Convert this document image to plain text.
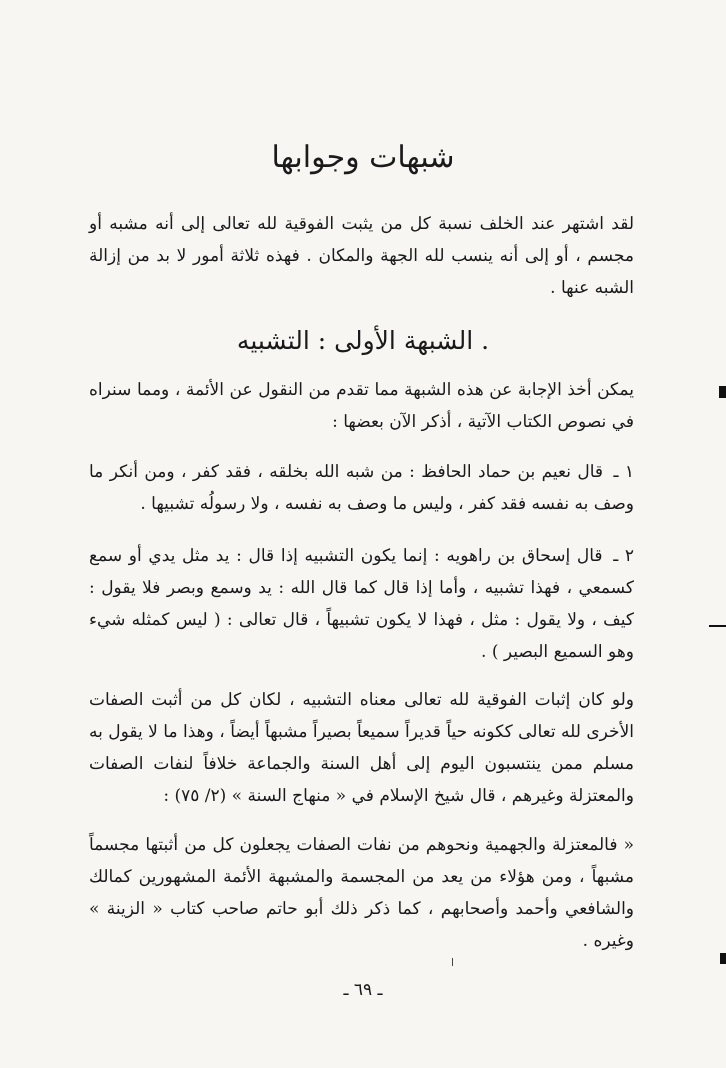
شبهات وجوابها
لقد اشتهر عند الخلف نسبة كل من يثبت الفوقية لله تعالى إلى أنه مشبه أو مجسم ، أو إلى أنه ينسب لله الجهة والمكان . فهذه ثلاثة أمور لا بد من إزالة الشبه عنها .
الشبهة الأولى : التشبيه .
يمكن أخذ الإجابة عن هذه الشبهة مما تقدم من النقول عن الأئمة ، ومما سنراه في نصوص الكتاب الآتية ، أذكر الآن بعضها :
١ ـ قال نعيم بن حماد الحافظ : من شبه الله بخلقه ، فقد كفر ، ومن أنكر ما وصف به نفسه فقد كفر ، وليس ما وصف به نفسه ، ولا رسولُه تشبيها .
٢ ـ قال إسحاق بن راهويه : إنما يكون التشبيه إذا قال : يد مثل يدي أو سمع كسمعي ، فهذا تشبيه ، وأما إذا قال كما قال الله : يد وسمع وبصر فلا يقول : كيف ، ولا يقول : مثل ، فهذا لا يكون تشبيهاً ، قال تعالى : ( ليس كمثله شيء وهو السميع البصير ) .
ولو كان إثبات الفوقية لله تعالى معناه التشبيه ، لكان كل من أثبت الصفات الأخرى لله تعالى ككونه حياً قديراً سميعاً بصيراً مشبهاً أيضاً ، وهذا ما لا يقول به مسلم ممن ينتسبون اليوم إلى أهل السنة والجماعة خلافاً لنفات الصفات والمعتزلة وغيرهم ، قال شيخ الإسلام في « منهاج السنة » (٢/ ٧٥) :
« فالمعتزلة والجهمية ونحوهم من نفات الصفات يجعلون كل من أثبتها مجسماً مشبهاً ، ومن هؤلاء من يعد من المجسمة والمشبهة الأئمة المشهورين كمالك والشافعي وأحمد وأصحابهم ، كما ذكر ذلك أبو حاتم صاحب كتاب « الزينة » وغيره .
ـ ٦٩ ـ
